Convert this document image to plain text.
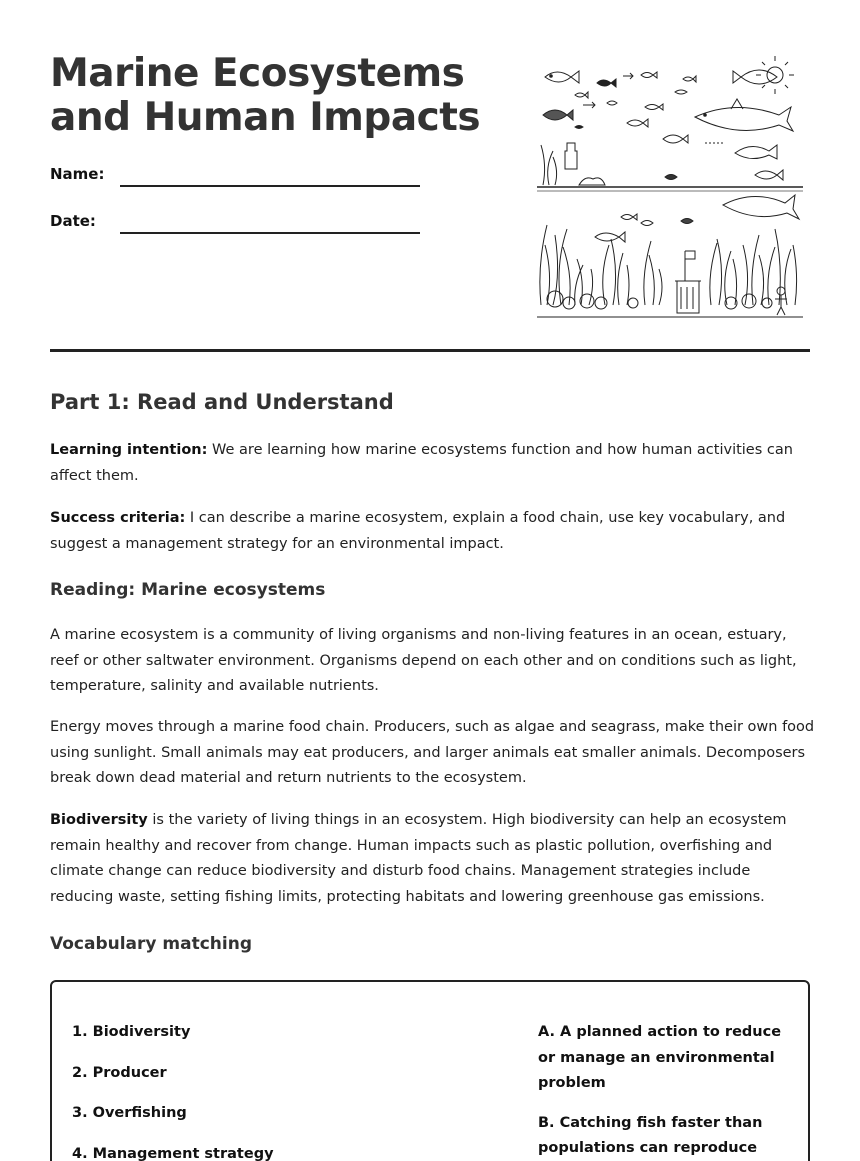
Marine Ecosystems and Human Impacts
Name:
Date:
Part 1: Read and Understand

Learning intention: We are learning how marine ecosystems function and how human activities can affect them.

Success criteria: I can describe a marine ecosystem, explain a food chain, use key vocabulary, and suggest a management strategy for an environmental impact.

Reading: Marine ecosystems

A marine ecosystem is a community of living organisms and non-living features in an ocean, estuary, reef or other saltwater environment. Organisms depend on each other and on conditions such as light, temperature, salinity and available nutrients.

Energy moves through a marine food chain. Producers, such as algae and seagrass, make their own food using sunlight. Small animals may eat producers, and larger animals eat smaller animals. Decomposers break down dead material and return nutrients to the ecosystem.

Biodiversity is the variety of living things in an ecosystem. High biodiversity can help an ecosystem remain healthy and recover from change. Human impacts such as plastic pollution, overfishing and climate change can reduce biodiversity and disturb food chains. Management strategies include reducing waste, setting fishing limits, protecting habitats and lowering greenhouse gas emissions.

Vocabulary matching
1. Biodiversity
2. Producer
3. Overfishing
4. Management strategy
A. A planned action to reduce or manage an environmental problem
B. Catching fish faster than populations can reproduce
